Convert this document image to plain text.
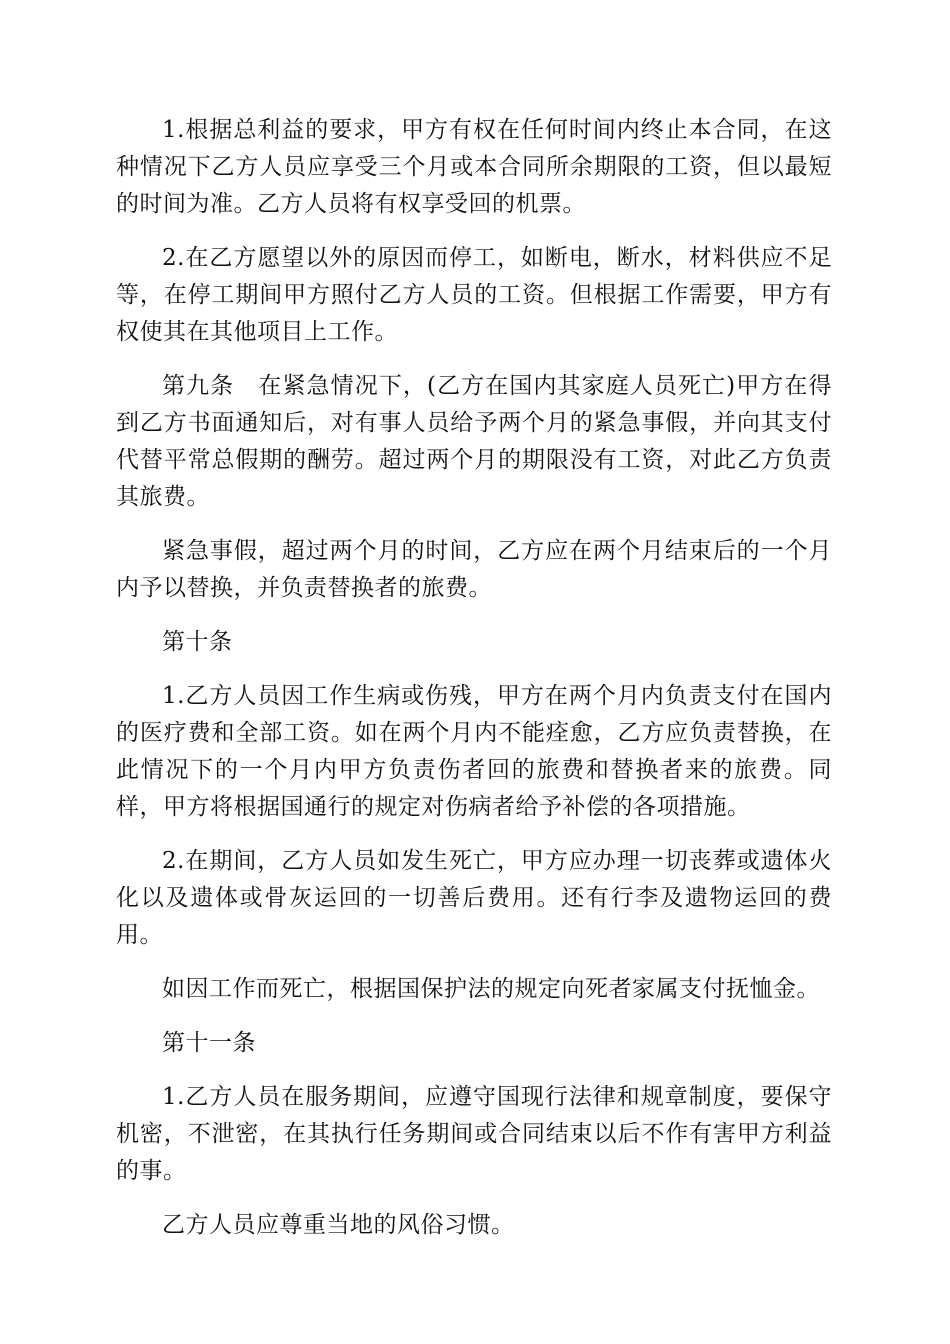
1.根据总利益的要求，甲方有权在任何时间内终止本合同，在这种情况下乙方人员应享受三个月或本合同所余期限的工资，但以最短的时间为准。乙方人员将有权享受回的机票。

2.在乙方愿望以外的原因而停工，如断电，断水，材料供应不足等，在停工期间甲方照付乙方人员的工资。但根据工作需要，甲方有权使其在其他项目上工作。

第九条　在紧急情况下，(乙方在国内其家庭人员死亡)甲方在得到乙方书面通知后，对有事人员给予两个月的紧急事假，并向其支付代替平常总假期的酬劳。超过两个月的期限没有工资，对此乙方负责其旅费。

紧急事假，超过两个月的时间，乙方应在两个月结束后的一个月内予以替换，并负责替换者的旅费。

第十条

1.乙方人员因工作生病或伤残，甲方在两个月内负责支付在国内的医疗费和全部工资。如在两个月内不能痊愈，乙方应负责替换，在此情况下的一个月内甲方负责伤者回的旅费和替换者来的旅费。同样，甲方将根据国通行的规定对伤病者给予补偿的各项措施。

2.在期间，乙方人员如发生死亡，甲方应办理一切丧葬或遗体火化以及遗体或骨灰运回的一切善后费用。还有行李及遗物运回的费用。

如因工作而死亡，根据国保护法的规定向死者家属支付抚恤金。

第十一条

1.乙方人员在服务期间，应遵守国现行法律和规章制度，要保守机密，不泄密，在其执行任务期间或合同结束以后不作有害甲方利益的事。

乙方人员应尊重当地的风俗习惯。
